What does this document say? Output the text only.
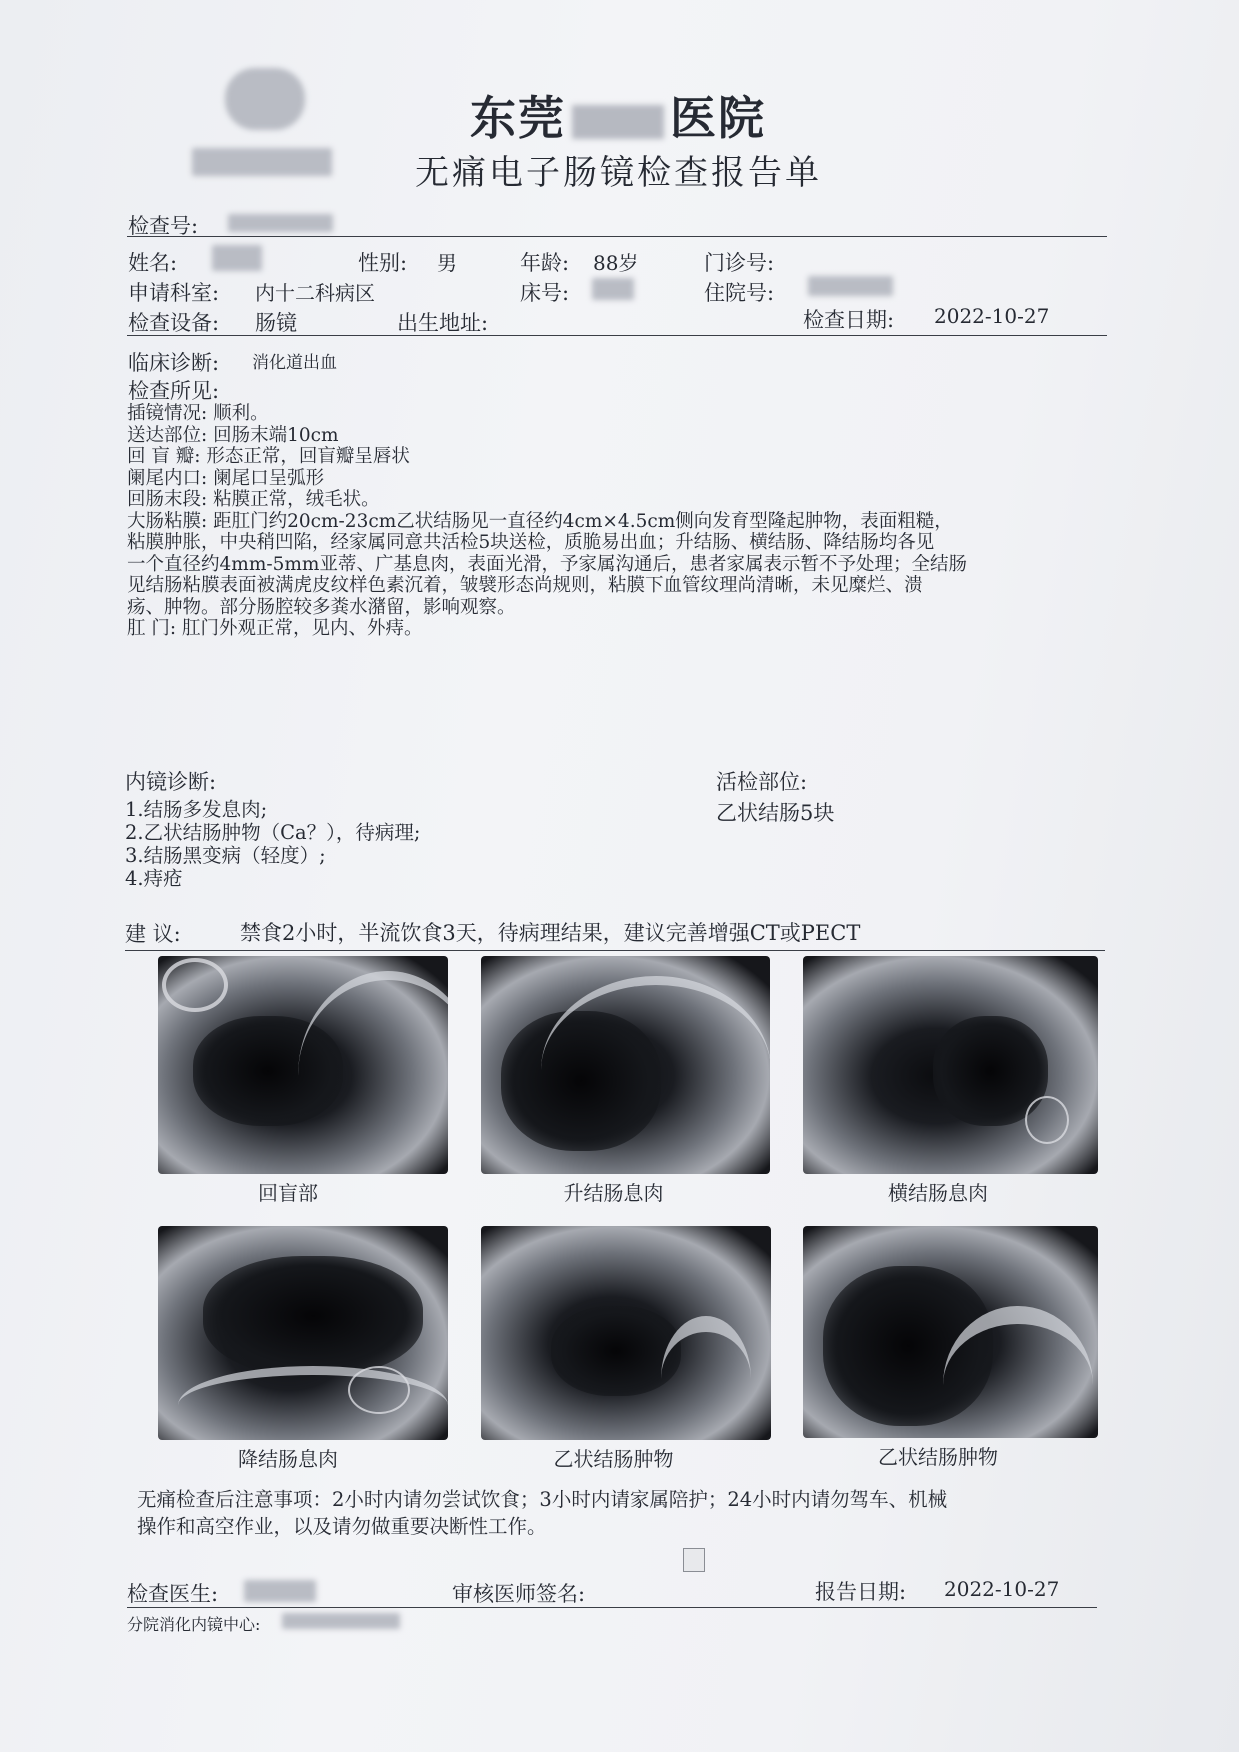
东莞 医院
无痛电子肠镜检查报告单
检查号:
姓名:	性别: 男	年龄: 88岁	门诊号:
申请科室: 内十二科病区	床号:	住院号:
检查设备: 肠镜	出生地址:	检查日期: 2022-10-27
临床诊断: 消化道出血
检查所见:
插镜情况: 顺利。
送达部位: 回肠末端10cm
回 盲 瓣: 形态正常，回盲瓣呈唇状
阑尾内口: 阑尾口呈弧形
回肠末段: 粘膜正常，绒毛状。
大肠粘膜: 距肛门约20cm-23cm乙状结肠见一直径约4cm×4.5cm侧向发育型隆起肿物，表面粗糙，
粘膜肿胀，中央稍凹陷，经家属同意共活检5块送检，质脆易出血；升结肠、横结肠、降结肠均各见
一个直径约4mm-5mm亚蒂、广基息肉，表面光滑，予家属沟通后，患者家属表示暂不予处理；全结肠
见结肠粘膜表面被满虎皮纹样色素沉着，皱襞形态尚规则，粘膜下血管纹理尚清晰，未见糜烂、溃
疡、肿物。部分肠腔较多粪水潴留，影响观察。
肛 门: 肛门外观正常，见内、外痔。
内镜诊断:
1.结肠多发息肉;
2.乙状结肠肿物（Ca？），待病理;
3.结肠黑变病（轻度）;
4.痔疮
活检部位:
乙状结肠5块
建 议:	禁食2小时，半流饮食3天，待病理结果，建议完善增强CT或PECT
回盲部	升结肠息肉	横结肠息肉
降结肠息肉	乙状结肠肿物	乙状结肠肿物
无痛检查后注意事项：2小时内请勿尝试饮食；3小时内请家属陪护；24小时内请勿驾车、机械
操作和高空作业，以及请勿做重要决断性工作。
检查医生:	审核医师签名:	报告日期: 2022-10-27
分院消化内镜中心:
